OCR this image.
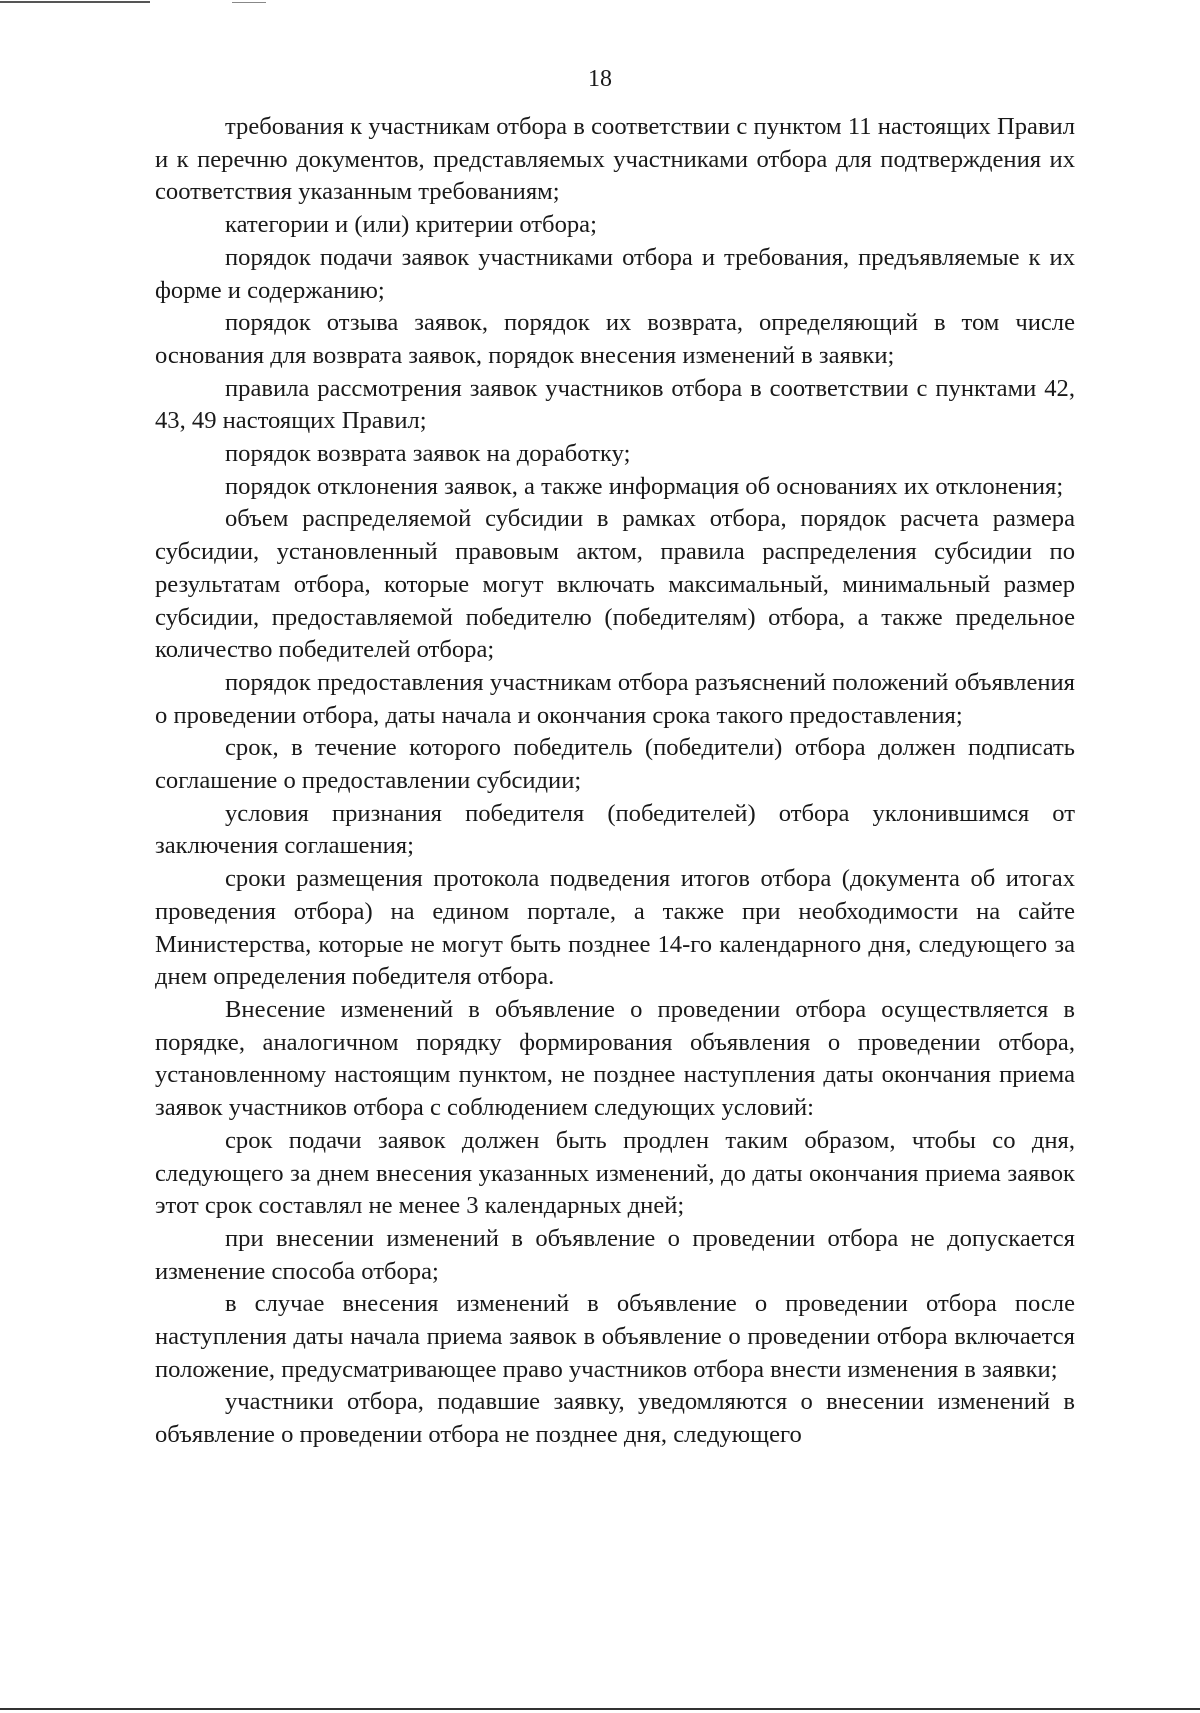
18

требования к участникам отбора в соответствии с пунктом 11 настоящих Правил и к перечню документов, представляемых участниками отбора для подтверждения их соответствия указанным требованиям;

категории и (или) критерии отбора;

порядок подачи заявок участниками отбора и требования, предъявляемые к их форме и содержанию;

порядок отзыва заявок, порядок их возврата, определяющий в том числе основания для возврата заявок, порядок внесения изменений в заявки;

правила рассмотрения заявок участников отбора в соответствии с пунктами 42, 43, 49 настоящих Правил;

порядок возврата заявок на доработку;

порядок отклонения заявок, а также информация об основаниях их отклонения;

объем распределяемой субсидии в рамках отбора, порядок расчета размера субсидии, установленный правовым актом, правила распределения субсидии по результатам отбора, которые могут включать максимальный, минимальный размер субсидии, предоставляемой победителю (победителям) отбора, а также предельное количество победителей отбора;

порядок предоставления участникам отбора разъяснений положений объявления о проведении отбора, даты начала и окончания срока такого предоставления;

срок, в течение которого победитель (победители) отбора должен подписать соглашение о предоставлении субсидии;

условия признания победителя (победителей) отбора уклонившимся от заключения соглашения;

сроки размещения протокола подведения итогов отбора (документа об итогах проведения отбора) на едином портале, а также при необходимости на сайте Министерства, которые не могут быть позднее 14-го календарного дня, следующего за днем определения победителя отбора.

Внесение изменений в объявление о проведении отбора осуществляется в порядке, аналогичном порядку формирования объявления о проведении отбора, установленному настоящим пунктом, не позднее наступления даты окончания приема заявок участников отбора с соблюдением следующих условий:

срок подачи заявок должен быть продлен таким образом, чтобы со дня, следующего за днем внесения указанных изменений, до даты окончания приема заявок этот срок составлял не менее 3 календарных дней;

при внесении изменений в объявление о проведении отбора не допускается изменение способа отбора;

в случае внесения изменений в объявление о проведении отбора после наступления даты начала приема заявок в объявление о проведении отбора включается положение, предусматривающее право участников отбора внести изменения в заявки;

участники отбора, подавшие заявку, уведомляются о внесении изменений в объявление о проведении отбора не позднее дня, следующего
